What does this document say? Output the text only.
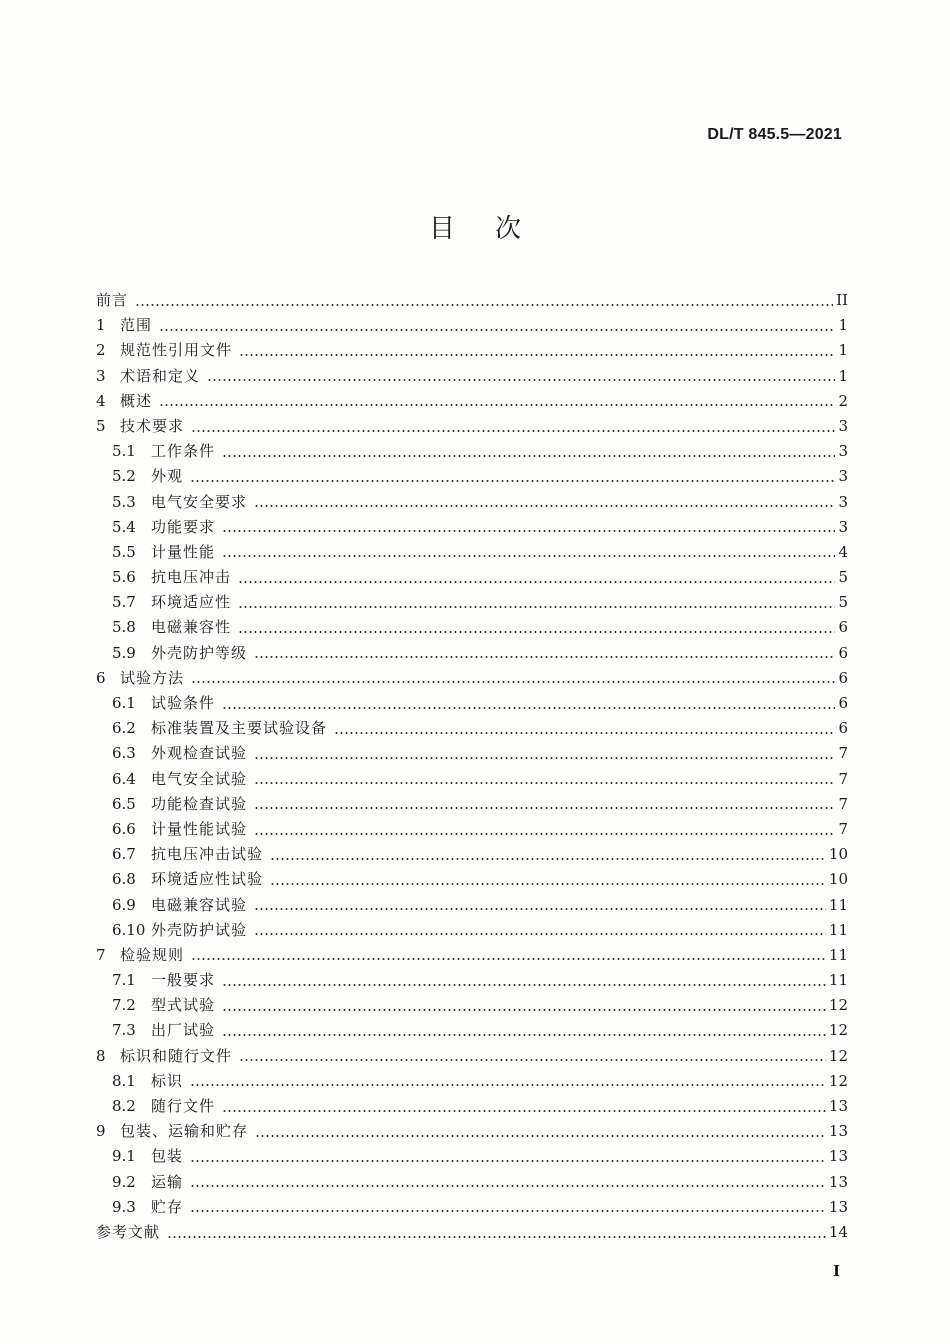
DL/T 845.5—2021
目次
前言	II
1 范围	1
2 规范性引用文件	1
3 术语和定义	1
4 概述	2
5 技术要求	3
5.1	工作条件	3
5.2	外观	3
5.3	电气安全要求	3
5.4	功能要求	3
5.5	计量性能	4
5.6	抗电压冲击	5
5.7	环境适应性	5
5.8	电磁兼容性	6
5.9	外壳防护等级	6
6 试验方法	6
6.1	试验条件	6
6.2	标准装置及主要试验设备	6
6.3	外观检查试验	7
6.4	电气安全试验	7
6.5	功能检查试验	7
6.6	计量性能试验	7
6.7	抗电压冲击试验	10
6.8	环境适应性试验	10
6.9	电磁兼容试验	11
6.10 外壳防护试验	11
7 检验规则	11
7.1	一般要求	11
7.2	型式试验	12
7.3	出厂试验	12
8 标识和随行文件	12
8.1	标识	12
8.2	随行文件	13
9 包装、运输和贮存	13
9.1	包装	13
9.2	运输	13
9.3	贮存	13
参考文献	14
I
